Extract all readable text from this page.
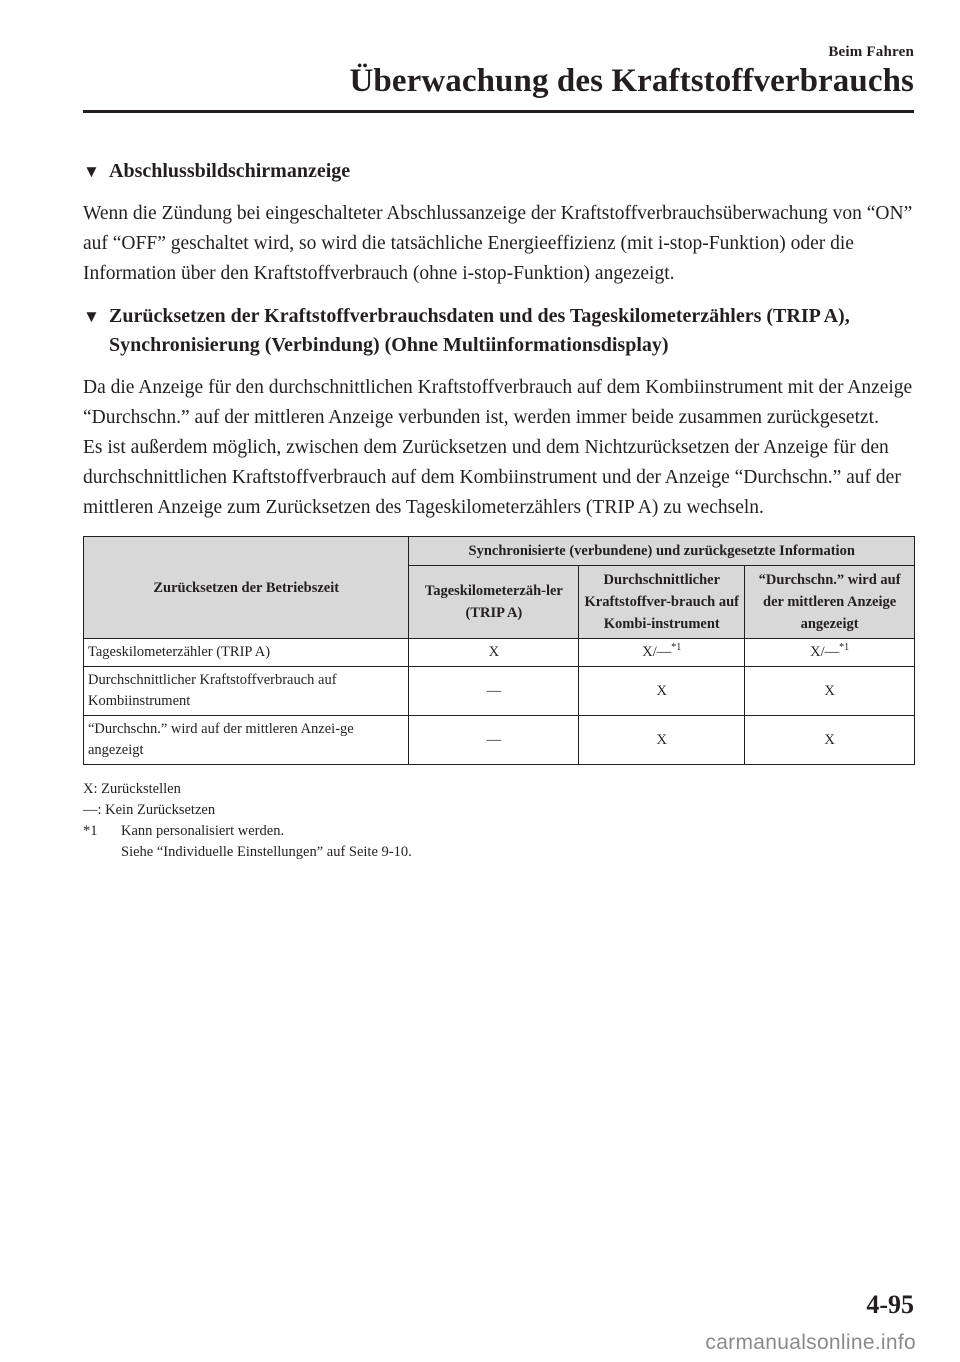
Beim Fahren
Überwachung des Kraftstoffverbrauchs
▼ Abschlussbildschirmanzeige

Wenn die Zündung bei eingeschalteter Abschlussanzeige der Kraftstoffverbrauchsüberwachung von “ON” auf “OFF” geschaltet wird, so wird die tatsächliche Energieeffizienz (mit i-stop-Funktion) oder die Information über den Kraftstoffverbrauch (ohne i-stop-Funktion) angezeigt.

▼ Zurücksetzen der Kraftstoffverbrauchsdaten und des Tageskilometerzählers (TRIP A), Synchronisierung (Verbindung) (Ohne Multiinformationsdisplay)

Da die Anzeige für den durchschnittlichen Kraftstoffverbrauch auf dem Kombiinstrument mit der Anzeige “Durchschn.” auf der mittleren Anzeige verbunden ist, werden immer beide zusammen zurückgesetzt.

Es ist außerdem möglich, zwischen dem Zurücksetzen und dem Nichtzurücksetzen der Anzeige für den durchschnittlichen Kraftstoffverbrauch auf dem Kombiinstrument und der Anzeige “Durchschn.” auf der mittleren Anzeige zum Zurücksetzen des Tageskilometerzählers (TRIP A) zu wechseln.

Zurücksetzen der Betriebszeit	Synchronisierte (verbundene) und zurückgesetzte Information		
	Tageskilometerzäh-ler (TRIP A)	Durchschnittlicher Kraftstoffver-brauch auf Kombi-instrument	“Durchschn.” wird auf der mittleren Anzeige angezeigt
Tageskilometerzähler (TRIP A)	X	X/—$^{*1}$	X/—$^{*1}$
Durchschnittlicher Kraftstoffverbrauch auf Kombiinstrument	—	X	X
“Durchschn.” wird auf der mittleren Anzei-ge angezeigt	—	X	X
X: Zurückstellen
—: Kein Zurücksetzen
*1	Kann personalisiert werden.
Siehe “Individuelle Einstellungen” auf Seite 9-10.
4-95
carmanualsonline.info
